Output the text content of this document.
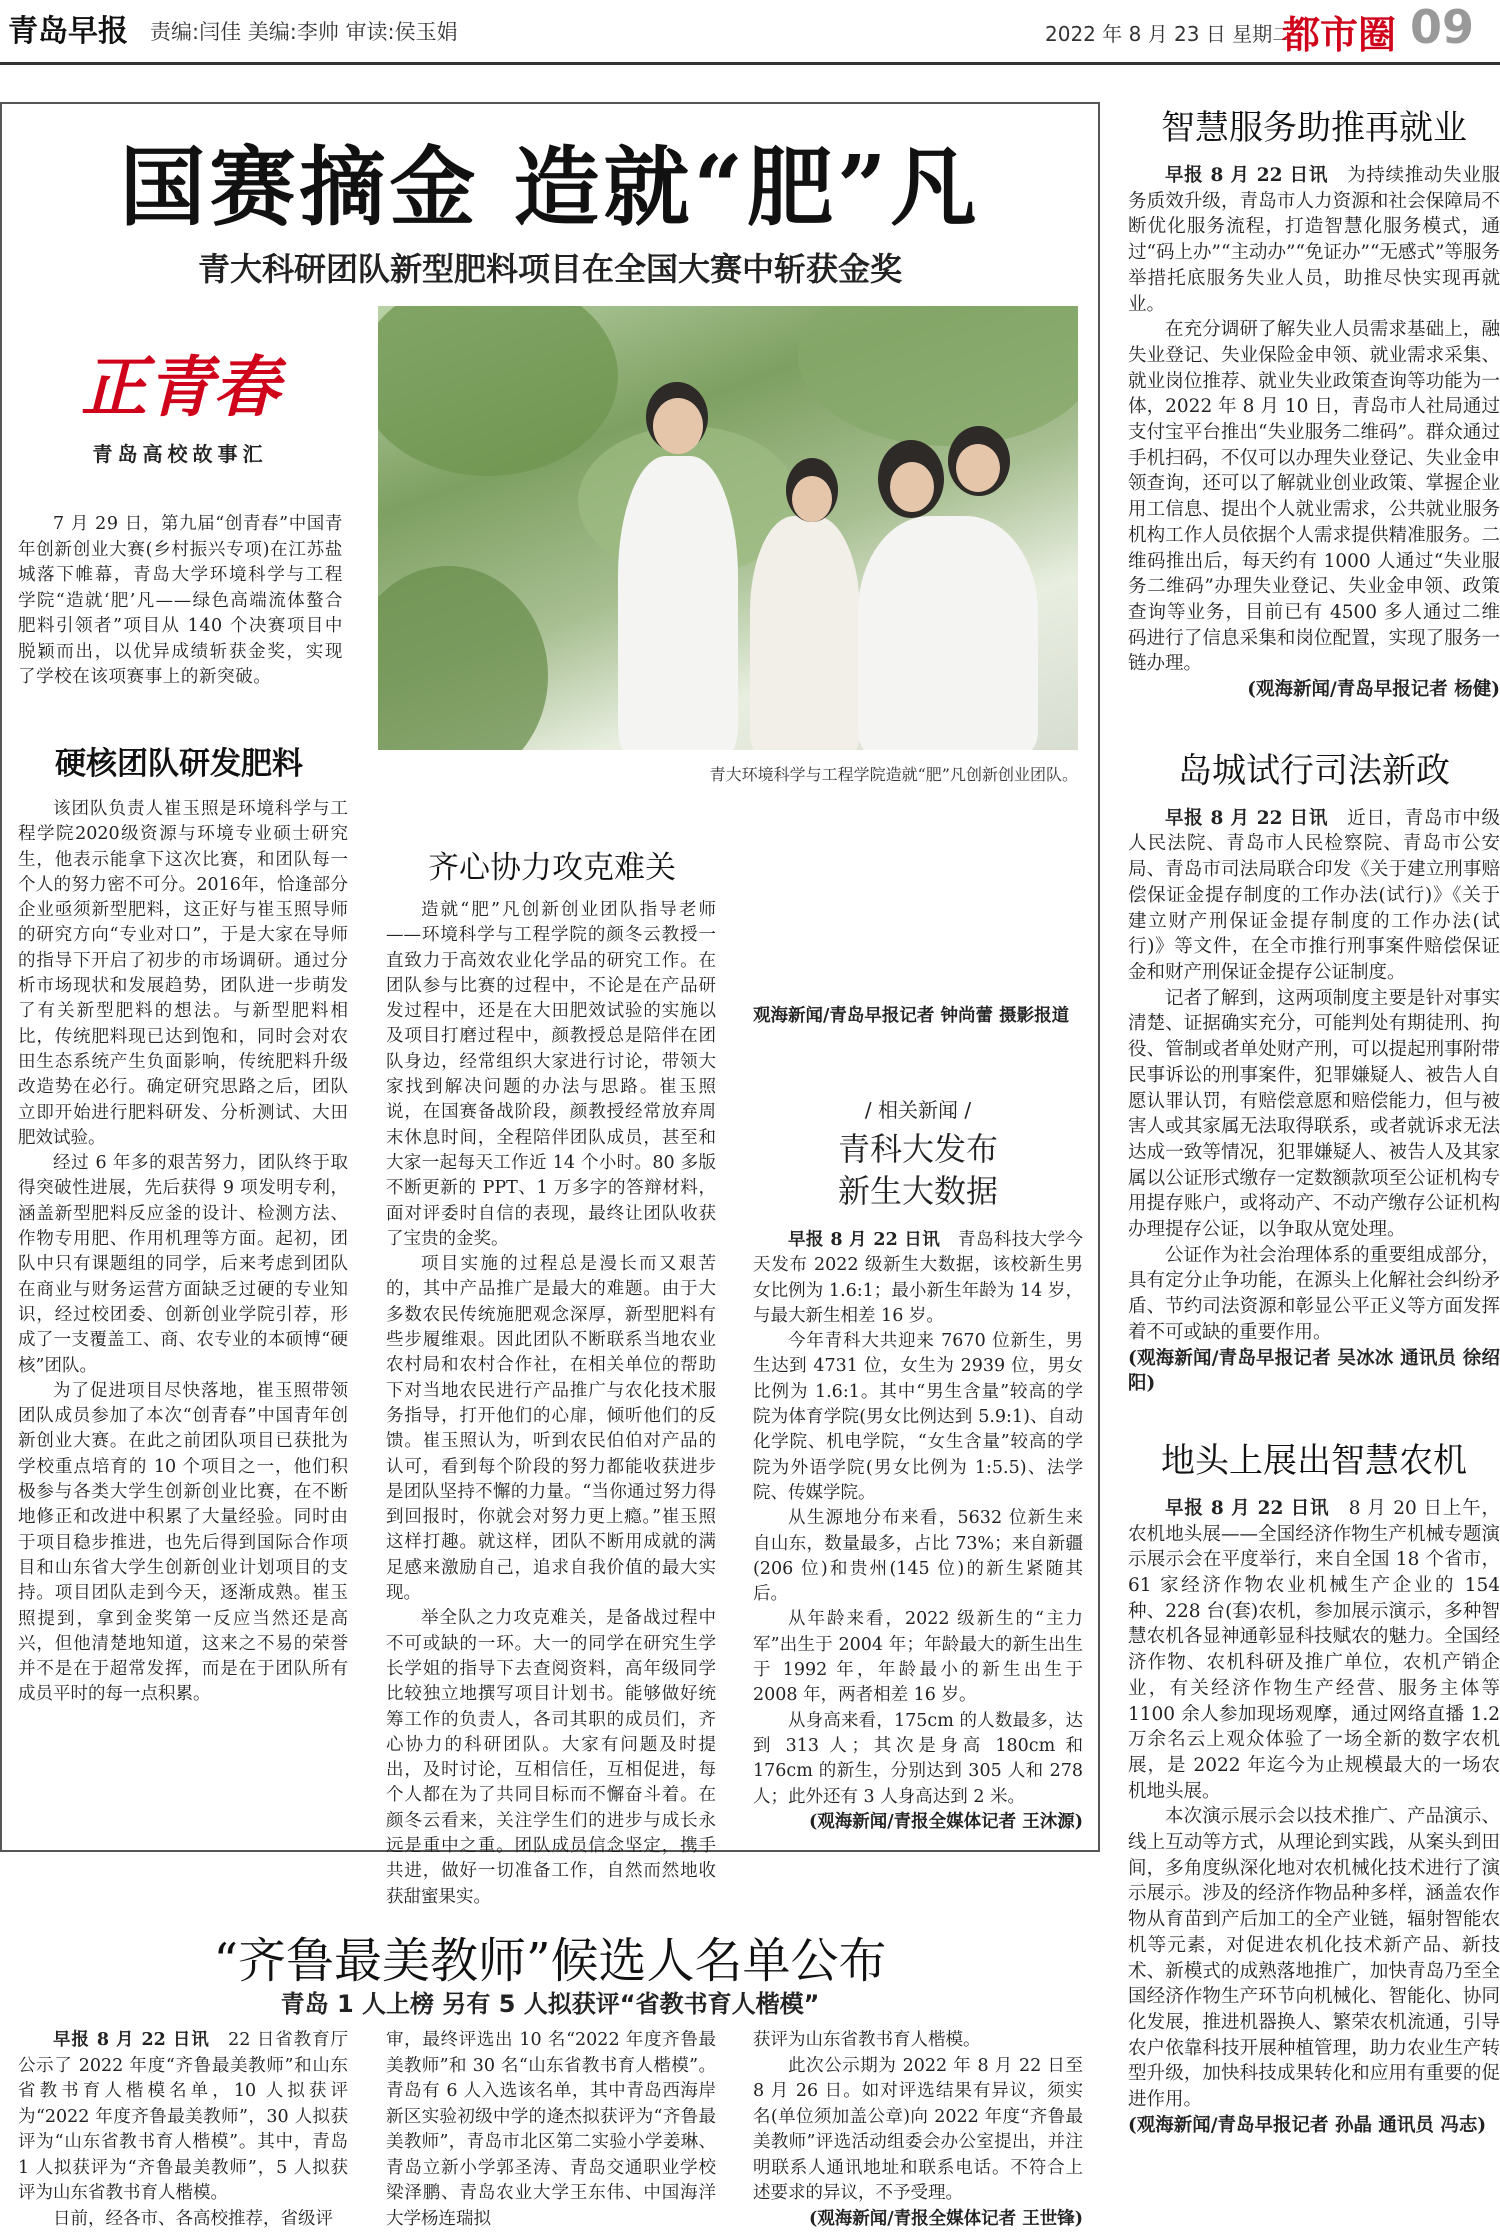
青岛早报 责编:闫佳 美编:李帅 审读:侯玉娟	2022 年 8 月 23 日 星期二
都市圈 09
国赛摘金 造就“肥”凡
青大科研团队新型肥料项目在全国大赛中斩获金奖
正青春
青岛高校故事汇

7 月 29 日，第九届“创青春”中国青年创新创业大赛(乡村振兴专项)在江苏盐城落下帷幕，青岛大学环境科学与工程学院“造就‘肥’凡——绿色高端流体螯合肥料引领者”项目从 140 个决赛项目中脱颖而出，以优异成绩斩获金奖，实现了学校在该项赛事上的新突破。

青大环境科学与工程学院造就“肥”凡创新创业团队。
硬核团队研发肥料

该团队负责人崔玉照是环境科学与工程学院2020级资源与环境专业硕士研究生，他表示能拿下这次比赛，和团队每一个人的努力密不可分。2016年，恰逢部分企业亟须新型肥料，这正好与崔玉照导师的研究方向“专业对口”，于是大家在导师的指导下开启了初步的市场调研。通过分析市场现状和发展趋势，团队进一步萌发了有关新型肥料的想法。与新型肥料相比，传统肥料现已达到饱和，同时会对农田生态系统产生负面影响，传统肥料升级改造势在必行。确定研究思路之后，团队立即开始进行肥料研发、分析测试、大田肥效试验。

经过 6 年多的艰苦努力，团队终于取得突破性进展，先后获得 9 项发明专利，涵盖新型肥料反应釜的设计、检测方法、作物专用肥、作用机理等方面。起初，团队中只有课题组的同学，后来考虑到团队在商业与财务运营方面缺乏过硬的专业知识，经过校团委、创新创业学院引荐，形成了一支覆盖工、商、农专业的本硕博“硬核”团队。

为了促进项目尽快落地，崔玉照带领团队成员参加了本次“创青春”中国青年创新创业大赛。在此之前团队项目已获批为学校重点培育的 10 个项目之一，他们积极参与各类大学生创新创业比赛，在不断地修正和改进中积累了大量经验。同时由于项目稳步推进，也先后得到国际合作项目和山东省大学生创新创业计划项目的支持。项目团队走到今天，逐渐成熟。崔玉照提到，拿到金奖第一反应当然还是高兴，但他清楚地知道，这来之不易的荣誉并不是在于超常发挥，而是在于团队所有成员平时的每一点积累。

齐心协力攻克难关

造就“肥”凡创新创业团队指导老师——环境科学与工程学院的颜冬云教授一直致力于高效农业化学品的研究工作。在团队参与比赛的过程中，不论是在产品研发过程中，还是在大田肥效试验的实施以及项目打磨过程中，颜教授总是陪伴在团队身边，经常组织大家进行讨论，带领大家找到解决问题的办法与思路。崔玉照说，在国赛备战阶段，颜教授经常放弃周末休息时间，全程陪伴团队成员，甚至和大家一起每天工作近 14 个小时。80 多版不断更新的 PPT、1 万多字的答辩材料，面对评委时自信的表现，最终让团队收获了宝贵的金奖。

项目实施的过程总是漫长而又艰苦的，其中产品推广是最大的难题。由于大多数农民传统施肥观念深厚，新型肥料有些步履维艰。因此团队不断联系当地农业农村局和农村合作社，在相关单位的帮助下对当地农民进行产品推广与农化技术服务指导，打开他们的心扉，倾听他们的反馈。崔玉照认为，听到农民伯伯对产品的认可，看到每个阶段的努力都能收获进步是团队坚持不懈的力量。“当你通过努力得到回报时，你就会对努力更上瘾。”崔玉照这样打趣。就这样，团队不断用成就的满足感来激励自己，追求自我价值的最大实现。

举全队之力攻克难关，是备战过程中不可或缺的一环。大一的同学在研究生学长学姐的指导下去查阅资料，高年级同学比较独立地撰写项目计划书。能够做好统筹工作的负责人，各司其职的成员们，齐心协力的科研团队。大家有问题及时提出，及时讨论，互相信任，互相促进，每个人都在为了共同目标而不懈奋斗着。在颜冬云看来，关注学生们的进步与成长永远是重中之重。团队成员信念坚定，携手共进，做好一切准备工作，自然而然地收获甜蜜果实。

观海新闻/青岛早报记者 钟尚蕾 摄影报道
/ 相关新闻 /
青科大发布
新生大数据

早报 8 月 22 日讯　 青岛科技大学今天发布 2022 级新生大数据，该校新生男女比例为 1.6:1；最小新生年龄为 14 岁，与最大新生相差 16 岁。

今年青科大共迎来 7670 位新生，男生达到 4731 位，女生为 2939 位，男女比例为 1.6:1。其中“男生含量”较高的学院为体育学院(男女比例达到 5.9:1)、自动化学院、机电学院，“女生含量”较高的学院为外语学院(男女比例为 1:5.5)、法学院、传媒学院。

从生源地分布来看，5632 位新生来自山东，数量最多，占比 73%；来自新疆(206 位)和贵州(145 位)的新生紧随其后。

从年龄来看，2022 级新生的“主力军”出生于 2004 年；年龄最大的新生出生于 1992 年，年龄最小的新生出生于 2008 年，两者相差 16 岁。

从身高来看，175cm 的人数最多，达到 313 人；其次是身高 180cm 和 176cm 的新生，分别达到 305 人和 278 人；此外还有 3 人身高达到 2 米。

(观海新闻/青报全媒体记者 王沐源)

“齐鲁最美教师”候选人名单公布
青岛 1 人上榜 另有 5 人拟获评“省教书育人楷模”

早报 8 月 22 日讯　 22 日省教育厅公示了 2022 年度“齐鲁最美教师”和山东省教书育人楷模名单，10 人拟获评为“2022 年度齐鲁最美教师”，30 人拟获评为“山东省教书育人楷模”。其中，青岛 1 人拟获评为“齐鲁最美教师”，5 人拟获评为山东省教书育人楷模。

日前，经各市、各高校推荐，省级评

审，最终评选出 10 名“2022 年度齐鲁最美教师”和 30 名“山东省教书育人楷模”。青岛有 6 人入选该名单，其中青岛西海岸新区实验初级中学的逄杰拟获评为“齐鲁最美教师”，青岛市北区第二实验小学姜琳、青岛立新小学郭圣涛、青岛交通职业学校梁泽鹏、青岛农业大学王东伟、中国海洋大学杨连瑞拟

获评为山东省教书育人楷模。

此次公示期为 2022 年 8 月 22 日至 8 月 26 日。如对评选结果有异议，须实名(单位须加盖公章)向 2022 年度“齐鲁最美教师”评选活动组委会办公室提出，并注明联系人通讯地址和联系电话。不符合上述要求的异议，不予受理。

(观海新闻/青报全媒体记者 王世锋)

智慧服务助推再就业

早报 8 月 22 日讯　 为持续推动失业服务质效升级，青岛市人力资源和社会保障局不断优化服务流程，打造智慧化服务模式，通过“码上办”“主动办”“免证办”“无感式”等服务举措托底服务失业人员，助推尽快实现再就业。

在充分调研了解失业人员需求基础上，融失业登记、失业保险金申领、就业需求采集、就业岗位推荐、就业失业政策查询等功能为一体，2022 年 8 月 10 日，青岛市人社局通过支付宝平台推出“失业服务二维码”。群众通过手机扫码，不仅可以办理失业登记、失业金申领查询，还可以了解就业创业政策、掌握企业用工信息、提出个人就业需求，公共就业服务机构工作人员依据个人需求提供精准服务。二维码推出后，每天约有 1000 人通过“失业服务二维码”办理失业登记、失业金申领、政策查询等业务，目前已有 4500 多人通过二维码进行了信息采集和岗位配置，实现了服务一链办理。

(观海新闻/青岛早报记者 杨健)

岛城试行司法新政

早报 8 月 22 日讯　 近日，青岛市中级人民法院、青岛市人民检察院、青岛市公安局、青岛市司法局联合印发《关于建立刑事赔偿保证金提存制度的工作办法(试行)》《关于建立财产刑保证金提存制度的工作办法(试行)》等文件，在全市推行刑事案件赔偿保证金和财产刑保证金提存公证制度。

记者了解到，这两项制度主要是针对事实清楚、证据确实充分，可能判处有期徒刑、拘役、管制或者单处财产刑，可以提起刑事附带民事诉讼的刑事案件，犯罪嫌疑人、被告人自愿认罪认罚，有赔偿意愿和赔偿能力，但与被害人或其家属无法取得联系，或者就诉求无法达成一致等情况，犯罪嫌疑人、被告人及其家属以公证形式缴存一定数额款项至公证机构专用提存账户，或将动产、不动产缴存公证机构办理提存公证，以争取从宽处理。

公证作为社会治理体系的重要组成部分，具有定分止争功能，在源头上化解社会纠纷矛盾、节约司法资源和彰显公平正义等方面发挥着不可或缺的重要作用。

(观海新闻/青岛早报记者 吴冰冰 通讯员 徐绍阳)

地头上展出智慧农机

早报 8 月 22 日讯　 8 月 20 日上午，农机地头展——全国经济作物生产机械专题演示展示会在平度举行，来自全国 18 个省市，61 家经济作物农业机械生产企业的 154 种、228 台(套)农机，参加展示演示，多种智慧农机各显神通彰显科技赋农的魅力。全国经济作物、农机科研及推广单位，农机产销企业，有关经济作物生产经营、服务主体等 1100 余人参加现场观摩，通过网络直播 1.2 万余名云上观众体验了一场全新的数字农机展，是 2022 年迄今为止规模最大的一场农机地头展。

本次演示展示会以技术推广、产品演示、线上互动等方式，从理论到实践，从案头到田间，多角度纵深化地对农机械化技术进行了演示展示。涉及的经济作物品种多样，涵盖农作物从育苗到产后加工的全产业链，辐射智能农机等元素，对促进农机化技术新产品、新技术、新模式的成熟落地推广，加快青岛乃至全国经济作物生产环节向机械化、智能化、协同化发展，推进机器换人、繁荣农机流通，引导农户依靠科技开展种植管理，助力农业生产转型升级，加快科技成果转化和应用有重要的促进作用。

(观海新闻/青岛早报记者 孙晶 通讯员 冯志)
